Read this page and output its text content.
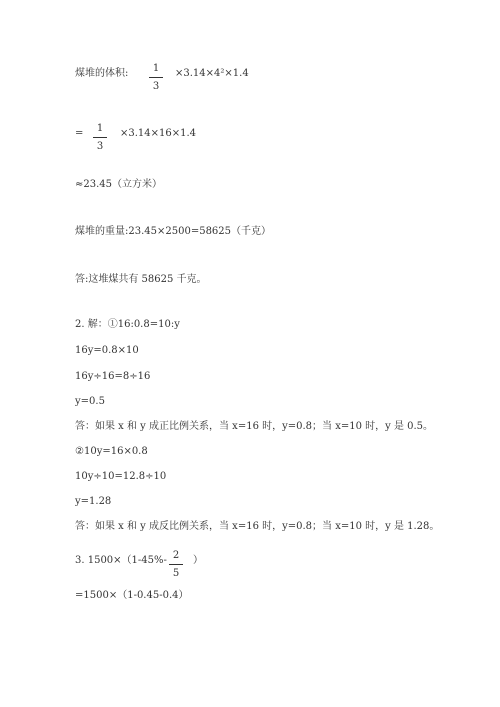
煤堆的体积:	1
3
×3.14×4²×1.4
=	1
3
×3.14×16×1.4
≈23.45（立方米）
煤堆的重量:23.45×2500=58625（千克）
答:这堆煤共有 58625 千克。
2. 解：①16:0.8=10:y
16y=0.8×10
16y÷16=8÷16
y=0.5
答：如果 x 和 y 成正比例关系，当 x=16 时，y=0.8；当 x=10 时，y 是 0.5。
②10y=16×0.8
10y÷10=12.8÷10
y=1.28
答：如果 x 和 y 成反比例关系，当 x=16 时，y=0.8；当 x=10 时，y 是 1.28。
3. 1500×（1-45%- 2
5
）
=1500×（1-0.45-0.4）
